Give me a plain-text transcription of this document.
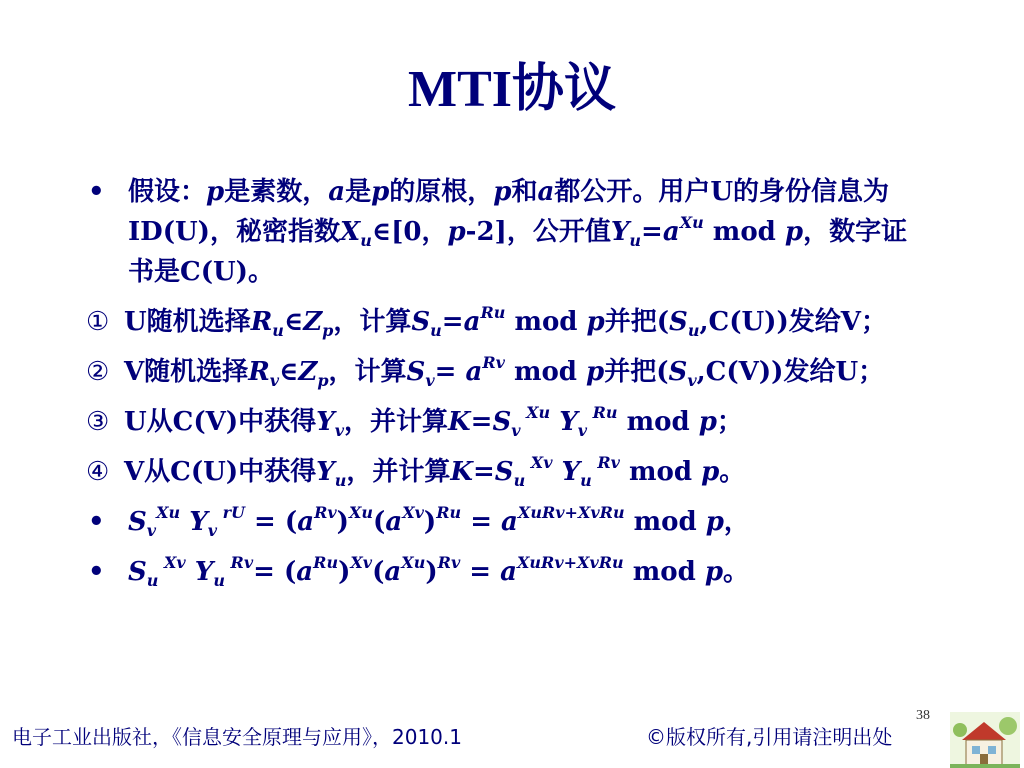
MTI协议
• 假设：p是素数，a是p的原根，p和a都公开。用户U的身份信息为ID(U)，秘密指数$X_u\in[0$，p-2]，公开值$Y_u=a^{Xu}$ mod p，数字证书是C(U)。
① U随机选择$R_u\in Z_p$，计算$S_u=a^{Ru}$ mod p并把$(S_u,C(U))$发给V；
② V随机选择$R_v\in Z_p$，计算$S_v= a^{Rv}$ mod p并把$(S_v,C(V))$发给U；
③ U从C(V)中获得$Y_v$，并计算$K=S_v$ $^{Xu}$ $Y_v$ $^{Ru}$ mod p；
④ V从C(U)中获得$Y_u$，并计算$K=S_u$ $^{Xv}$ $Y_u$ $^{Rv}$ mod p。
• $S_v^{Xu}$ $Y_v$ $^{rU} = (a^{Rv})^{Xu}(a^{Xv})^{Ru} = a^{XuRv+XvRu}$ mod p，
• $S_u$ $^{Xv}$ $Y_u$ $^{Rv}= (a^{Ru})^{Xv}(a^{Xu})^{Rv} = a^{XuRv+XvRu}$ mod p。
38
电子工业出版社，《信息安全原理与应用》，2010.1	©版权所有,引用请注明出处
